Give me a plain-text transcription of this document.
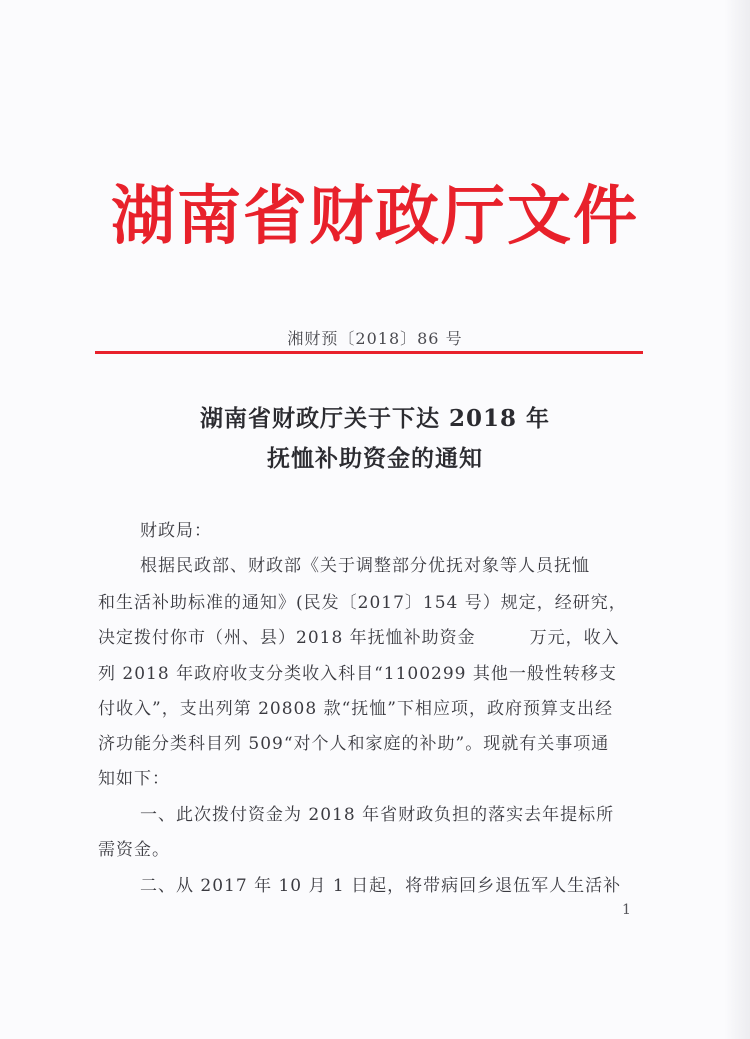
湖南省财政厅文件
湘财预〔2018〕86 号
湖南省财政厅关于下达 2018 年
抚恤补助资金的通知
财政局：
根据民政部、财政部《关于调整部分优抚对象等人员抚恤
和生活补助标准的通知》(民发〔2017〕154 号）规定，经研究，
决定拨付你市（州、县）2018 年抚恤补助资金　　　万元，收入
列 2018 年政府收支分类收入科目“1100299 其他一般性转移支
付收入”，支出列第 20808 款“抚恤”下相应项，政府预算支出经
济功能分类科目列 509“对个人和家庭的补助”。现就有关事项通
知如下：
一、此次拨付资金为 2018 年省财政负担的落实去年提标所
需资金。
二、从 2017 年 10 月 1 日起，将带病回乡退伍军人生活补
1
